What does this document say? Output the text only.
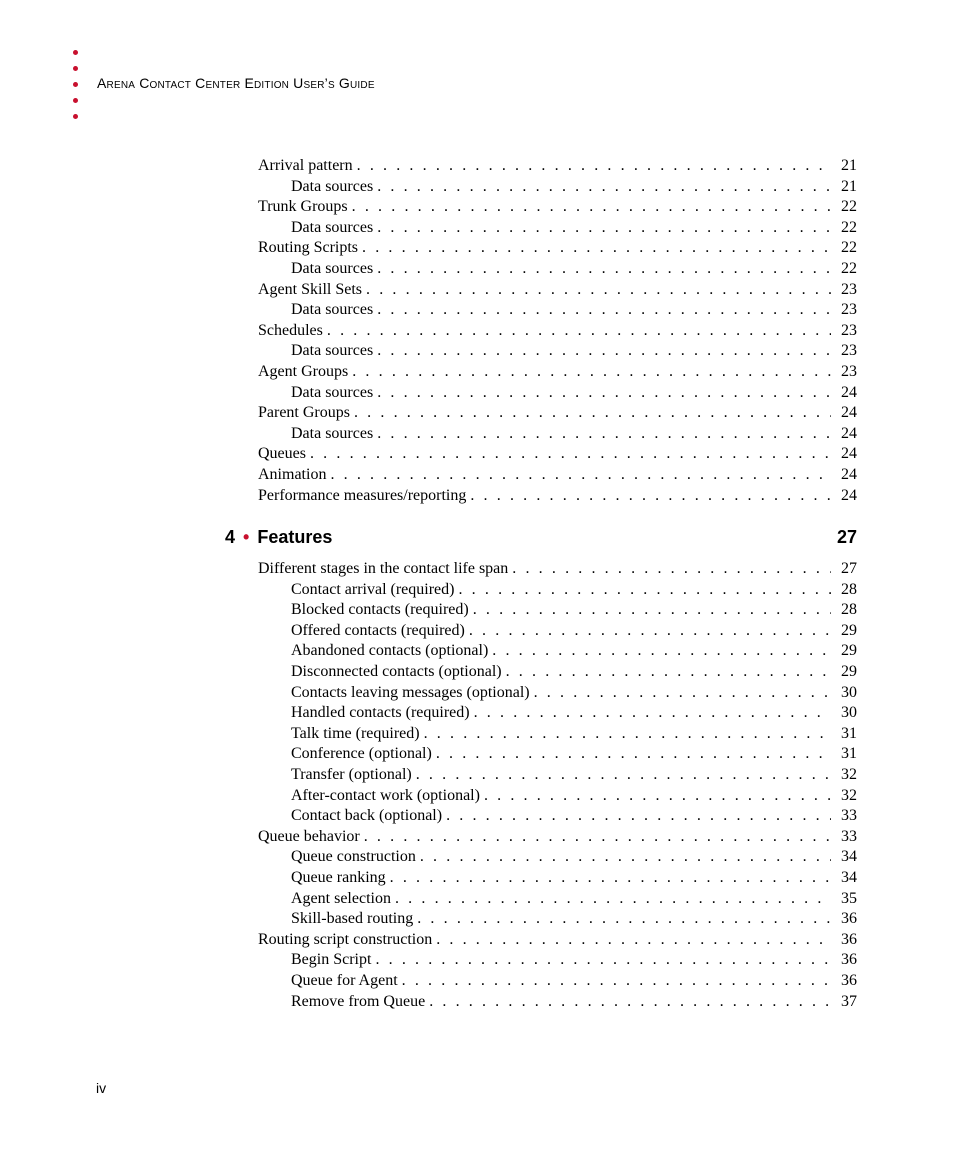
Arena Contact Center Edition User’s Guide
Arrival pattern . . .	21
Data sources . . .	21
Trunk Groups . . .	22
Data sources . . .	22
Routing Scripts . . .	22
Data sources . . .	22
Agent Skill Sets . . .	23
Data sources . . .	23
Schedules . . .	23
Data sources . . .	23
Agent Groups . . .	23
Data sources . . .	24
Parent Groups . . .	24
Data sources . . .	24
Queues . . .	24
Animation . . .	24
Performance measures/reporting . . .	24
4 • Features	27
Different stages in the contact life span . . .	27
Contact arrival (required) . . .	28
Blocked contacts (required) . . .	28
Offered contacts (required) . . .	29
Abandoned contacts (optional) . . .	29
Disconnected contacts (optional) . . .	29
Contacts leaving messages (optional) . . .	30
Handled contacts (required) . . .	30
Talk time (required) . . .	31
Conference (optional) . . .	31
Transfer (optional) . . .	32
After-contact work (optional) . . .	32
Contact back (optional) . . .	33
Queue behavior . . .	33
Queue construction . . .	34
Queue ranking . . .	34
Agent selection . . .	35
Skill-based routing . . .	36
Routing script construction . . .	36
Begin Script . . .	36
Queue for Agent . . .	36
Remove from Queue . . .	37
iv
